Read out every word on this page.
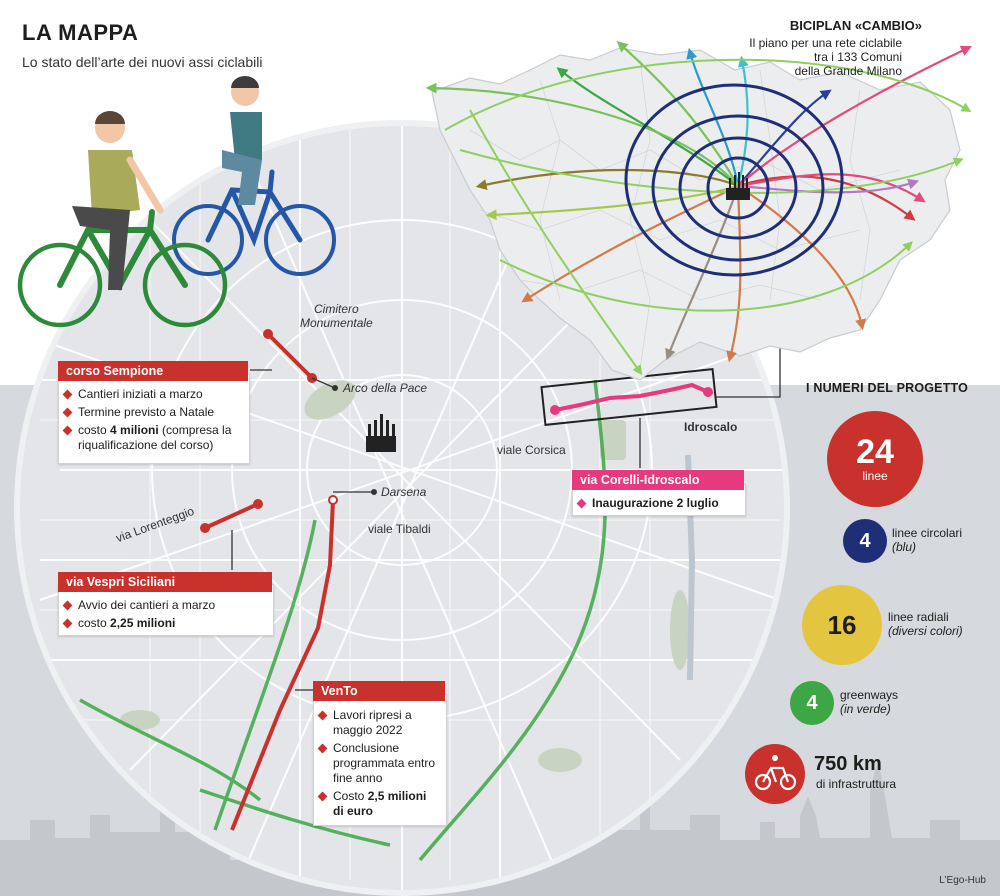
LA MAPPA
Lo stato dell’arte dei nuovi assi ciclabili
BICIPLAN «CAMBIO»
Il piano per una rete ciclabile
tra i 133 Comuni
della Grande Milano
Cimitero
Monumentale
Arco della Pace
Darsena
viale Corsica
Idroscalo
via Lorenteggio	viale Tibaldi
corso Sempione
Cantieri iniziati a marzo
Termine previsto a Natale
costo 4 milioni (compresa la riqualificazione del corso)
via Vespri Siciliani
Avvio dei cantieri a marzo
costo 2,25 milioni
via Corelli-Idroscalo
Inaugurazione 2 luglio
VenTo
Lavori ripresi a maggio 2022
Conclusione programmata entro fine anno
Costo 2,5 milioni di euro
I NUMERI DEL PROGETTO
24
linee
4	linee circolari
(blu)
16	linee radiali
(diversi colori)
4	greenways
(in verde)
750 km
di infrastruttura
L’Ego-Hub
